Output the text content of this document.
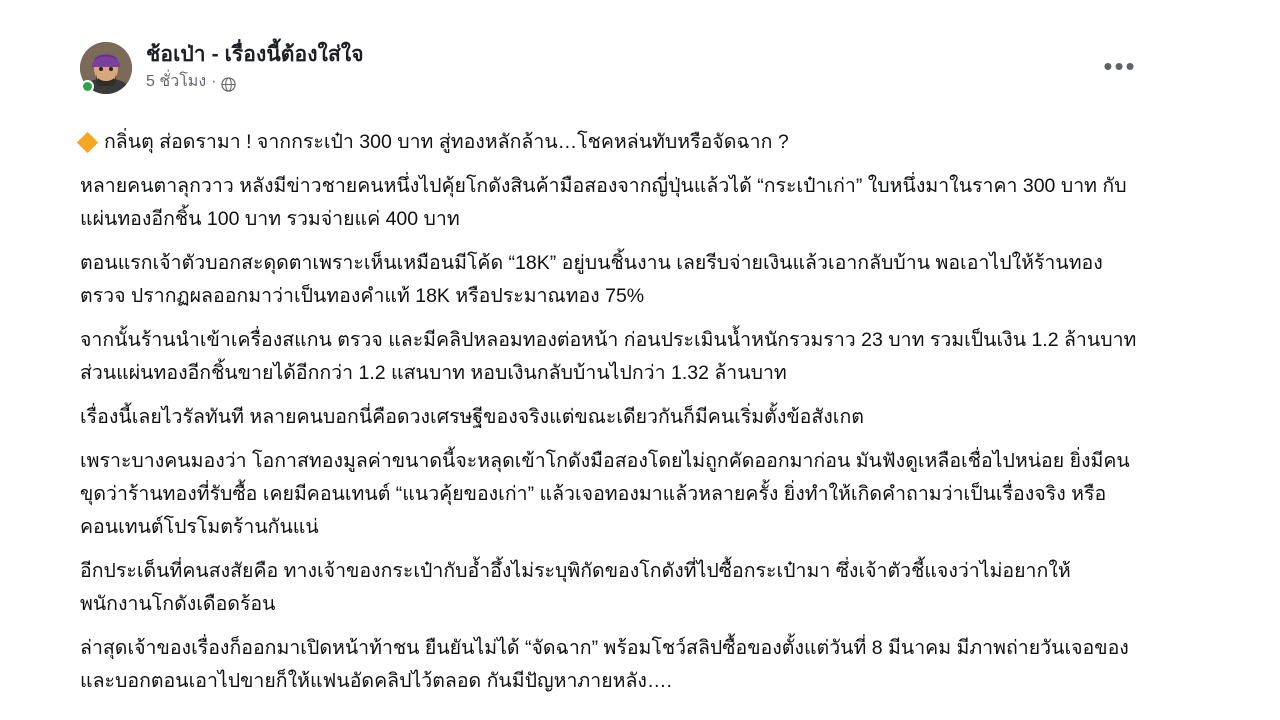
ช้อเป่า - เรื่องนี้ต้องใส่ใจ
5 ชั่วโมง ·
•••

กลิ่นตุ ส่อดรามา ! จากกระเป๋า 300 บาท สู่ทองหลักล้าน…โชคหล่นทับหรือจัดฉาก ?

หลายคนตาลุกวาว หลังมีข่าวชายคนหนึ่งไปคุ้ยโกดังสินค้ามือสองจากญี่ปุ่นแล้วได้ “กระเป๋าเก่า” ใบหนึ่งมาในราคา 300 บาท กับแผ่นทองอีกชิ้น 100 บาท รวมจ่ายแค่ 400 บาท

ตอนแรกเจ้าตัวบอกสะดุดตาเพราะเห็นเหมือนมีโค้ด “18K” อยู่บนชิ้นงาน เลยรีบจ่ายเงินแล้วเอากลับบ้าน พอเอาไปให้ร้านทองตรวจ ปรากฏผลออกมาว่าเป็นทองคำแท้ 18K หรือประมาณทอง 75%

จากนั้นร้านนำเข้าเครื่องสแกน ตรวจ และมีคลิปหลอมทองต่อหน้า ก่อนประเมินน้ำหนักรวมราว 23 บาท รวมเป็นเงิน 1.2 ล้านบาท ส่วนแผ่นทองอีกชิ้นขายได้อีกกว่า 1.2 แสนบาท หอบเงินกลับบ้านไปกว่า 1.32 ล้านบาท

เรื่องนี้เลยไวรัลทันที หลายคนบอกนี่คือดวงเศรษฐีของจริงแต่ขณะเดียวกันก็มีคนเริ่มตั้งข้อสังเกต

เพราะบางคนมองว่า โอกาสทองมูลค่าขนาดนี้จะหลุดเข้าโกดังมือสองโดยไม่ถูกคัดออกมาก่อน มันฟังดูเหลือเชื่อไปหน่อย ยิ่งมีคนขุดว่าร้านทองที่รับซื้อ เคยมีคอนเทนต์ “แนวคุ้ยของเก่า” แล้วเจอทองมาแล้วหลายครั้ง ยิ่งทำให้เกิดคำถามว่าเป็นเรื่องจริง หรือคอนเทนต์โปรโมตร้านกันแน่

อีกประเด็นที่คนสงสัยคือ ทางเจ้าของกระเป๋ากับอ้ำอึ้งไม่ระบุพิกัดของโกดังที่ไปซื้อกระเป๋ามา ซึ่งเจ้าตัวชี้แจงว่าไม่อยากให้พนักงานโกดังเดือดร้อน

ล่าสุดเจ้าของเรื่องก็ออกมาเปิดหน้าท้าชน ยืนยันไม่ได้ “จัดฉาก” พร้อมโชว์สลิปซื้อของตั้งแต่วันที่ 8 มีนาคม มีภาพถ่ายวันเจอของ และบอกตอนเอาไปขายก็ให้แฟนอัดคลิปไว้ตลอด กันมีปัญหาภายหลัง….
